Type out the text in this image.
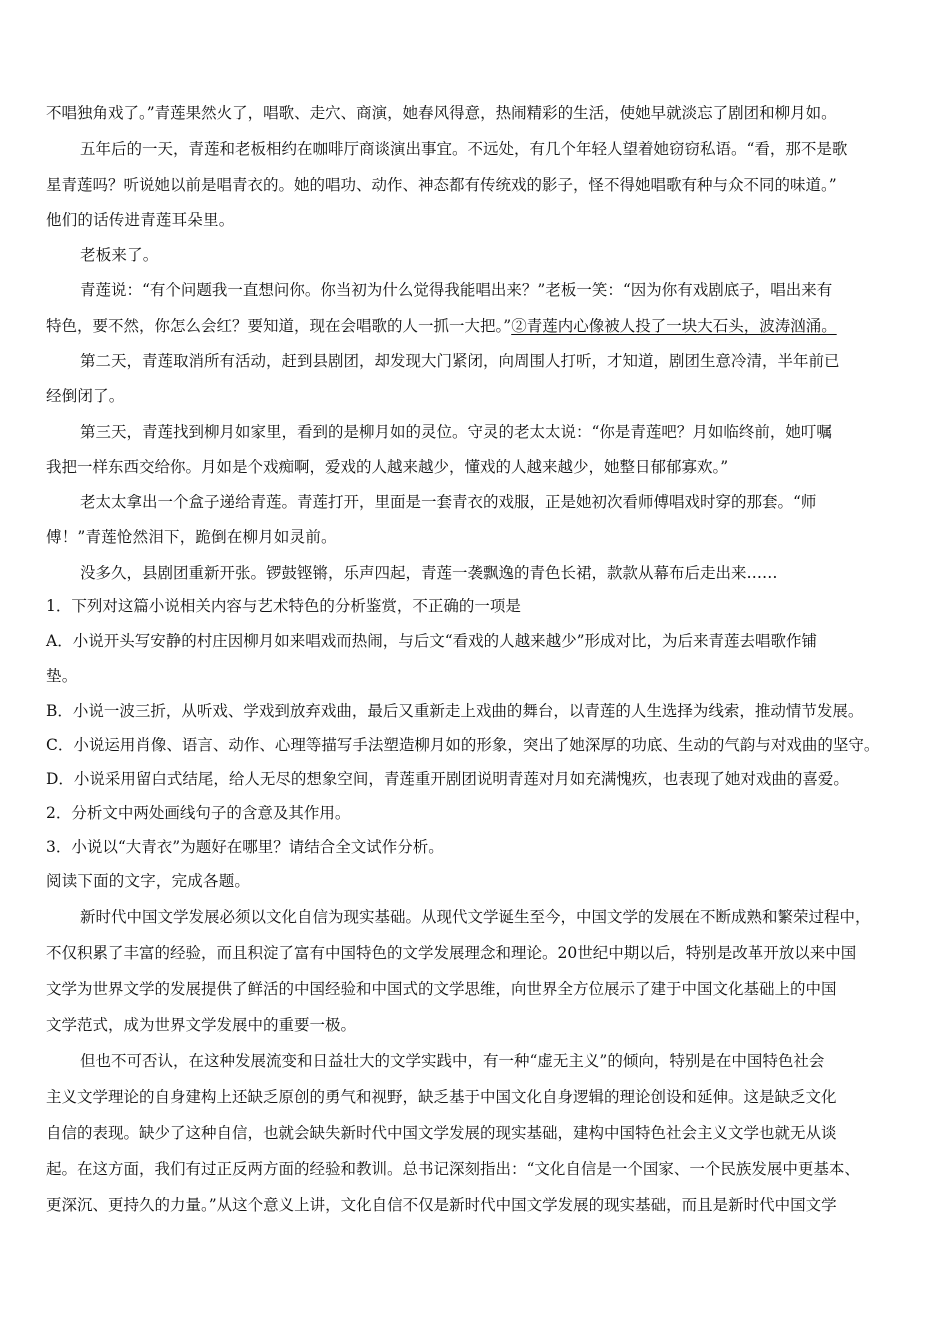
不唱独角戏了。”青莲果然火了，唱歌、走穴、商演，她春风得意，热闹精彩的生活，使她早就淡忘了剧团和柳月如。
五年后的一天，青莲和老板相约在咖啡厅商谈演出事宜。不远处，有几个年轻人望着她窃窃私语。“看，那不是歌
星青莲吗？听说她以前是唱青衣的。她的唱功、动作、神态都有传统戏的影子，怪不得她唱歌有种与众不同的味道。”
他们的话传进青莲耳朵里。
老板来了。
青莲说：“有个问题我一直想问你。你当初为什么觉得我能唱出来？”老板一笑：“因为你有戏剧底子，唱出来有
特色，要不然，你怎么会红？要知道，现在会唱歌的人一抓一大把。”②青莲内心像被人投了一块大石头，波涛汹涌。
第二天，青莲取消所有活动，赶到县剧团，却发现大门紧闭，向周围人打听，才知道，剧团生意冷清，半年前已
经倒闭了。
第三天，青莲找到柳月如家里，看到的是柳月如的灵位。守灵的老太太说：“你是青莲吧？月如临终前，她叮嘱
我把一样东西交给你。月如是个戏痴啊，爱戏的人越来越少，懂戏的人越来越少，她整日郁郁寡欢。”
老太太拿出一个盒子递给青莲。青莲打开，里面是一套青衣的戏服，正是她初次看师傅唱戏时穿的那套。“师
傅！”青莲怆然泪下，跪倒在柳月如灵前。
没多久，县剧团重新开张。锣鼓铿锵，乐声四起，青莲一袭飘逸的青色长裙，款款从幕布后走出来……
1．下列对这篇小说相关内容与艺术特色的分析鉴赏，不正确的一项是
A．小说开头写安静的村庄因柳月如来唱戏而热闹，与后文“看戏的人越来越少”形成对比，为后来青莲去唱歌作铺
垫。
B．小说一波三折，从听戏、学戏到放弃戏曲，最后又重新走上戏曲的舞台，以青莲的人生选择为线索，推动情节发展。
C．小说运用肖像、语言、动作、心理等描写手法塑造柳月如的形象，突出了她深厚的功底、生动的气韵与对戏曲的坚守。
D．小说采用留白式结尾，给人无尽的想象空间，青莲重开剧团说明青莲对月如充满愧疚，也表现了她对戏曲的喜爱。
2．分析文中两处画线句子的含意及其作用。
3．小说以“大青衣”为题好在哪里？请结合全文试作分析。
阅读下面的文字，完成各题。
新时代中国文学发展必须以文化自信为现实基础。从现代文学诞生至今，中国文学的发展在不断成熟和繁荣过程中，
不仅积累了丰富的经验，而且积淀了富有中国特色的文学发展理念和理论。20世纪中期以后，特别是改革开放以来中国
文学为世界文学的发展提供了鲜活的中国经验和中国式的文学思维，向世界全方位展示了建于中国文化基础上的中国
文学范式，成为世界文学发展中的重要一极。
但也不可否认，在这种发展流变和日益壮大的文学实践中，有一种“虚无主义”的倾向，特别是在中国特色社会
主义文学理论的自身建构上还缺乏原创的勇气和视野，缺乏基于中国文化自身逻辑的理论创设和延伸。这是缺乏文化
自信的表现。缺少了这种自信，也就会缺失新时代中国文学发展的现实基础，建构中国特色社会主义文学也就无从谈
起。在这方面，我们有过正反两方面的经验和教训。总书记深刻指出：“文化自信是一个国家、一个民族发展中更基本、
更深沉、更持久的力量。”从这个意义上讲，文化自信不仅是新时代中国文学发展的现实基础，而且是新时代中国文学
